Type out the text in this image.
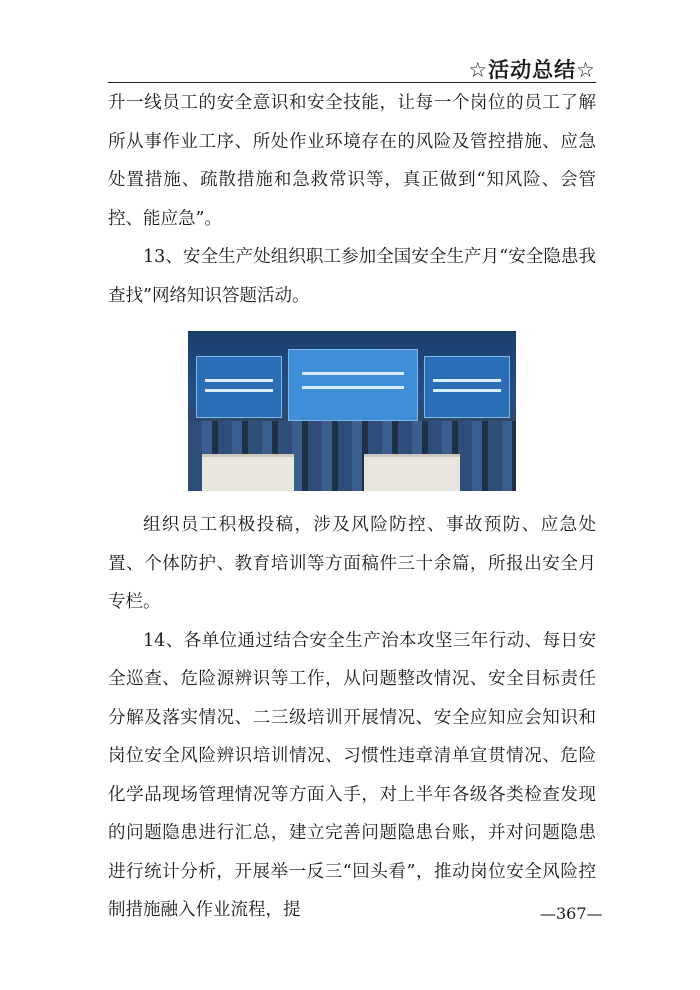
☆活动总结☆

升一线员工的安全意识和安全技能，让每一个岗位的员工了解所从事作业工序、所处作业环境存在的风险及管控措施、应急处置措施、疏散措施和急救常识等，真正做到“知风险、会管控、能应急”。

13、安全生产处组织职工参加全国安全生产月“安全隐患我查找”网络知识答题活动。

组织员工积极投稿，涉及风险防控、事故预防、应急处置、个体防护、教育培训等方面稿件三十余篇，所报出安全月专栏。

14、各单位通过结合安全生产治本攻坚三年行动、每日安全巡查、危险源辨识等工作，从问题整改情况、安全目标责任分解及落实情况、二三级培训开展情况、安全应知应会知识和岗位安全风险辨识培训情况、习惯性违章清单宣贯情况、危险化学品现场管理情况等方面入手，对上半年各级各类检查发现的问题隐患进行汇总，建立完善问题隐患台账，并对问题隐患进行统计分析，开展举一反三“回头看”，推动岗位安全风险控制措施融入作业流程，提	—367—
